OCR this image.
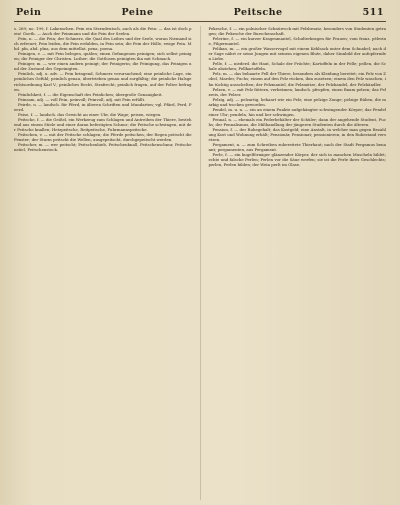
Pein	Peine	Peitsche	511

s. 269; no. 199, f. Lakenschen. Pein ein Sterndeutsch, auch als die Pein: — das ist doch pein! Goeth. — Auch der Peinmann und die Pein der Seelen.

Pein, n. — die Pein; der Schmerz, die Qual des Leibes und der Seele, woran Niemand sich erfreuet; Pein leiden, die Pein erdulden, in Pein sein; die Pein der Hölle, ewige Pein. Mhd. pîn, ahd. pîna, aus dem mittellat. pena, poena.

Peinigen, v. — mit Pein belegen, quälen; einen Gefangenen peinigen; sich selbst peinigen; die Peiniger der Christen. Luther: die Gottlosen peinigten ihn mit Schmach.

Peiniger, m. — wer einen andern peinigt; der Peinigerin; die Peinigung, das Peinigen und der Zustand des Gepeinigten.

Peinlich, adj. u. adv. — Pein bringend, Schmerz verursachend; eine peinliche Lage, ein peinliches Gefühl; peinlich genau, übertrieben genau und sorgfältig; die peinliche Halsgerichtsordnung Karl V.; peinliches Recht, Strafrecht; peinlich fragen, auf der Folter befragen.

Peinlichkeit, f. — die Eigenschaft des Peinlichen; übergroße Genauigkeit.

Peinsam, adj. — voll Pein, peinvoll; Peinvoll, adj. mit Pein erfüllt.

Peirde, n. — landsch. für Pferd, in älteren Schriften und Mundarten; vgl. Pfärd, Perd, Peerd.

Peise, f. — landsch. das Gewicht an einer Uhr, die Wage; peisen, wiegen.

Peitsche, f. — die Geißel, ein Werkzeug zum Schlagen und Antreiben der Thiere, bestehend aus einem Stiele und einer daran befestigten Schnur; die Peitsche schwingen, mit der Peitsche knallen; Hetzpeitsche, Reitpeitsche, Fuhrmannspeitsche.

Peitschen, v. — mit der Peitsche schlagen; die Pferde peitschen; der Regen peitscht die Fenster; der Sturm peitscht die Wellen; ausgepeitscht, durchgepeitscht werden.

Peitscher, m. — wer peitscht; Peitschenhieb, Peitschenknall, Peitschenschnur, Peitschenstiel, Peitschenstock.

Pekesche, f. — ein polnischer Schnürrock mit Pelzbesatz, besonders von Studenten getragen; die Pekesche der Burschenschaft.

Pelerine, f. — ein kurzer Kragenmantel, Schulterkragen für Frauen; vom franz. pèlerine, Pilgermantel.

Pelikan, m. — ein großer Wasservogel mit einem Kehlsack unter dem Schnabel; nach der Sage nährt er seine Jungen mit seinem eigenen Blute, daher Sinnbild der aufopfernden Liebe.

Pelle, f. — niederd. die Haut, Schale der Früchte; Kartoffeln in der Pelle; pellen, die Schale abziehen; Pellkartoffeln.

Pelz, m. — das behaarte Fell der Thiere, besonders als Kleidung bereitet; ein Pelz von Zobel, Marder, Fuchs; einem auf den Pelz rücken, ihm zusetzen; einem den Pelz waschen, ihn tüchtig ausschelten; der Pelzmantel, die Pelzmütze, der Pelzhandel, der Pelzhändler.

Pelzen, v. — mit Pelz füttern, verbrämen; landsch. pfropfen, einen Baum pelzen; das Pelzreis, der Pelzer.

Pelzig, adj. — pelzartig, behaart wie ein Pelz; eine pelzige Zunge; pelzige Rüben, die markig und trocken geworden.

Pendel, m. u. n. — ein an einem Punkte aufgehängter schwingender Körper; das Pendel einer Uhr; pendeln, hin und her schwingen.

Pennal, n. — ehemals ein Federbehälter der Schüler; dann der angehende Student, Fuchs; der Pennalismus, die Mißhandlung der jüngeren Studenten durch die älteren.

Pension, f. — der Ruhegehalt; das Kostgeld; eine Anstalt, in welcher man gegen Bezahlung Kost und Wohnung erhält; Pensionär, Pensionat; pensionieren, in den Ruhestand versetzen.

Pergament, n. — zum Schreiben zubereitete Thierhaut; nach der Stadt Pergamus benannt; pergamenten, aus Pergament.

Perle, f. — ein kugelförmiger glänzender Körper, der sich in manchen Muscheln bildet; echte und falsche Perlen; Perlen vor die Säue werfen; sie ist die Perle ihres Geschlechts; perlen, Perlen bilden; der Wein perlt im Glase.
